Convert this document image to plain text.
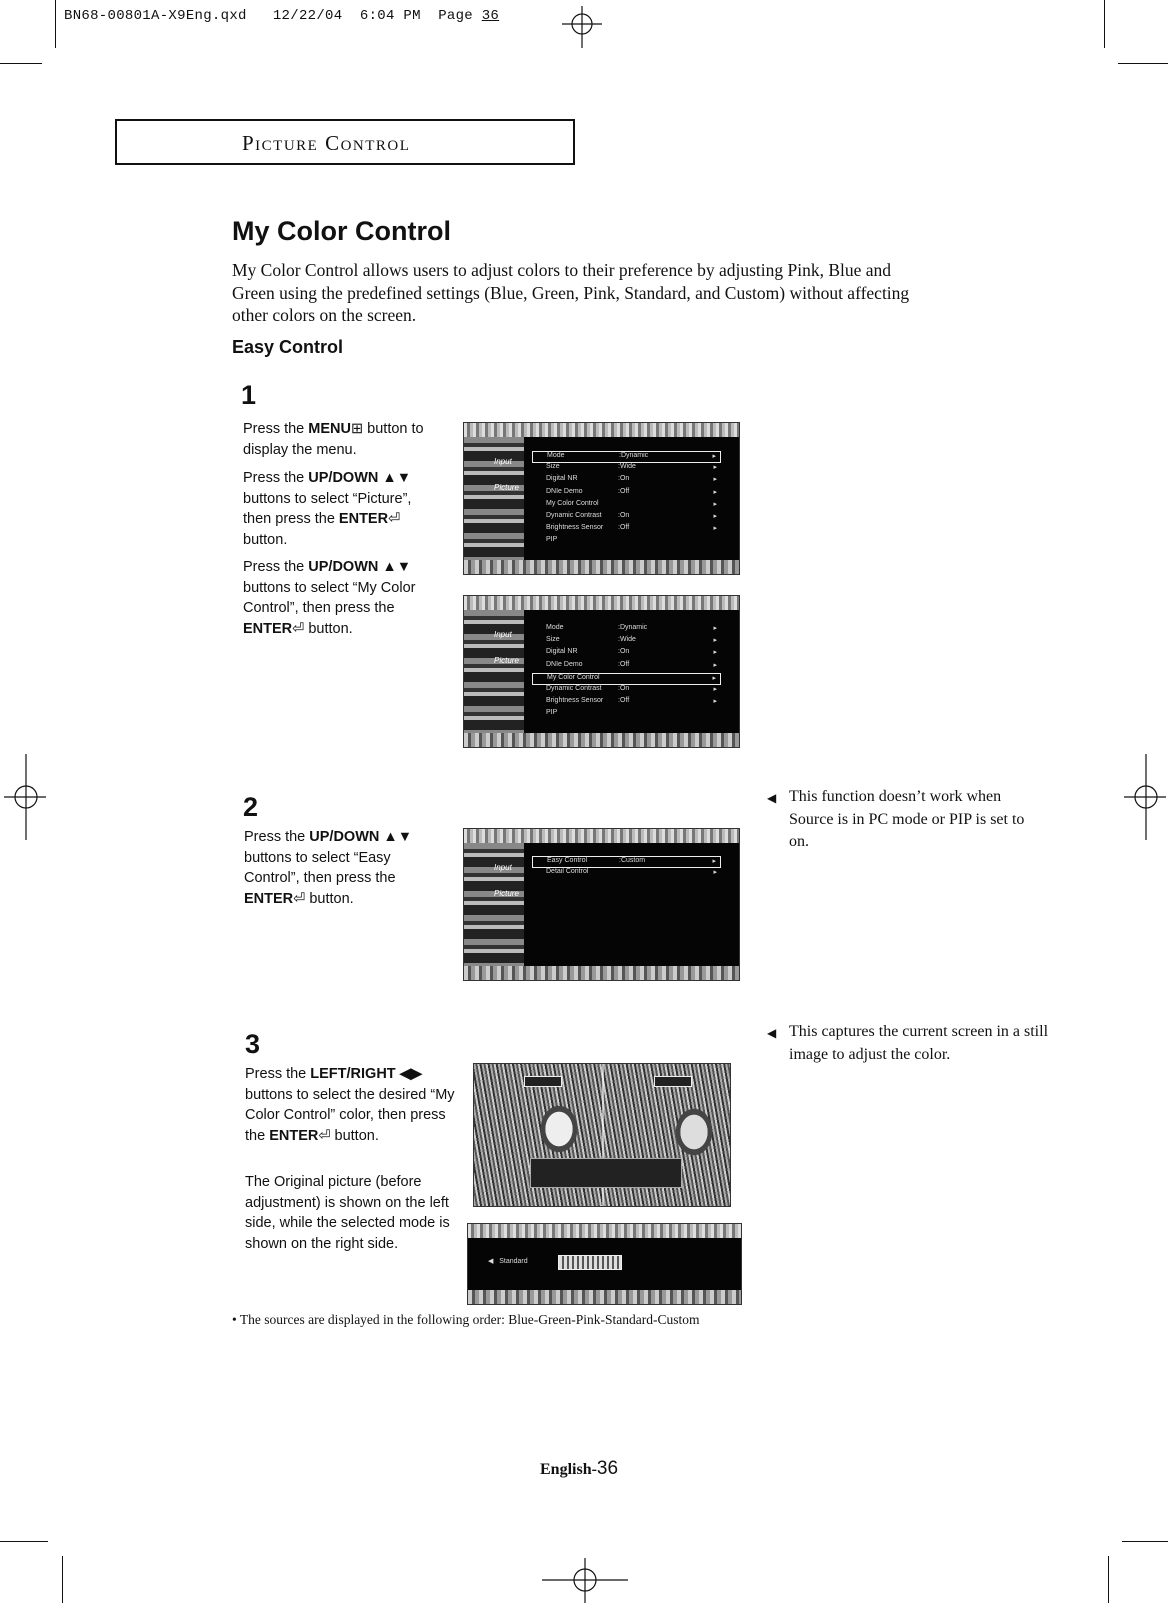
BN68-00801A-X9Eng.qxd 12/22/04 6:04 PM Page 36
Picture Control
My Color Control
My Color Control allows users to adjust colors to their preference by adjusting Pink, Blue and Green using the predefined settings (Blue, Green, Pink, Standard, and Custom) without affecting other colors on the screen.
Easy Control
1
Press the MENU⊞ button to display the menu.
Press the UP/DOWN ▲▼ buttons to select “Picture”, then press the ENTER⏎ button.
Press the UP/DOWN ▲▼ buttons to select “My Color Control”, then press the ENTER⏎ button.
Input
Picture
Mode	:Dynamic	▸
Size	:Wide	▸
Digital NR	:On	▸
DNIe Demo	:Off	▸
My Color Control	▸
Dynamic Contrast :On	▸
Brightness Sensor :Off	▸
PIP
Input
Picture
Mode	:Dynamic	▸
Size	:Wide	▸
Digital NR	:On	▸
DNIe Demo	:Off	▸
My Color Control	▸
Dynamic Contrast :On	▸
Brightness Sensor :Off	▸
PIP
2
Press the UP/DOWN ▲▼ buttons to select “Easy Control”, then press the ENTER⏎ button.
Input
Picture
Easy Control	:Custom	▸
Detail Control	▸
◀ This function doesn’t work when Source is in PC mode or PIP is set to on.
3
Press the LEFT/RIGHT ◀▶ buttons to select the desired “My Color Control” color, then press the ENTER⏎ button.
The Original picture (before adjustment) is shown on the left side, while the selected mode is shown on the right side.
◀ Standard
◀ This captures the current screen in a still image to adjust the color.
• The sources are displayed in the following order: Blue-Green-Pink-Standard-Custom
English-36
